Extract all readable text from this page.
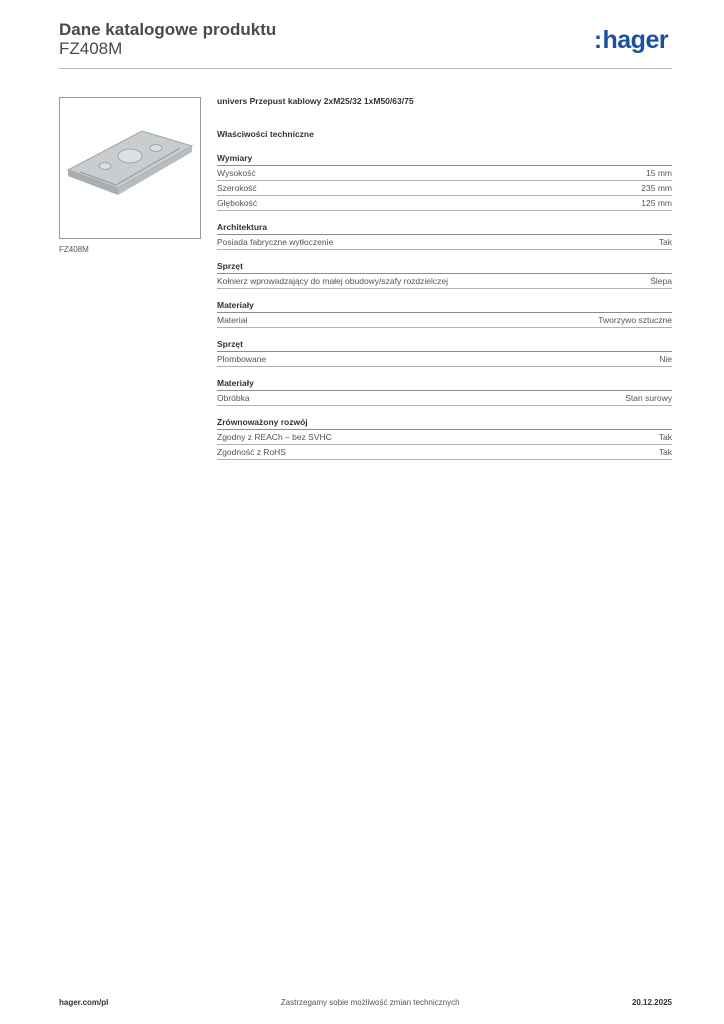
Dane katalogowe produktu
FZ408M	:hager
FZ408M
univers Przepust kablowy 2xM25/32 1xM50/63/75
Właściwości techniczne
Wymiary
Wysokość	15 mm
Szerokość	235 mm
Głębokość	125 mm
Architektura
Posiada fabryczne wytłoczenie	Tak
Sprzęt
Kołnierz wprowadzający do małej obudowy/szafy rozdzielczej	Ślepa
Materiały
Materiał	Tworzywo sztuczne
Sprzęt
Plombowane	Nie
Materiały
Obróbka	Stan surowy
Zrównoważony rozwój
Zgodny z REACh – bez SVHC	Tak
Zgodność z RoHS	Tak
hager.com/pl	Zastrzegamy sobie możliwość zmian technicznych	20.12.2025
